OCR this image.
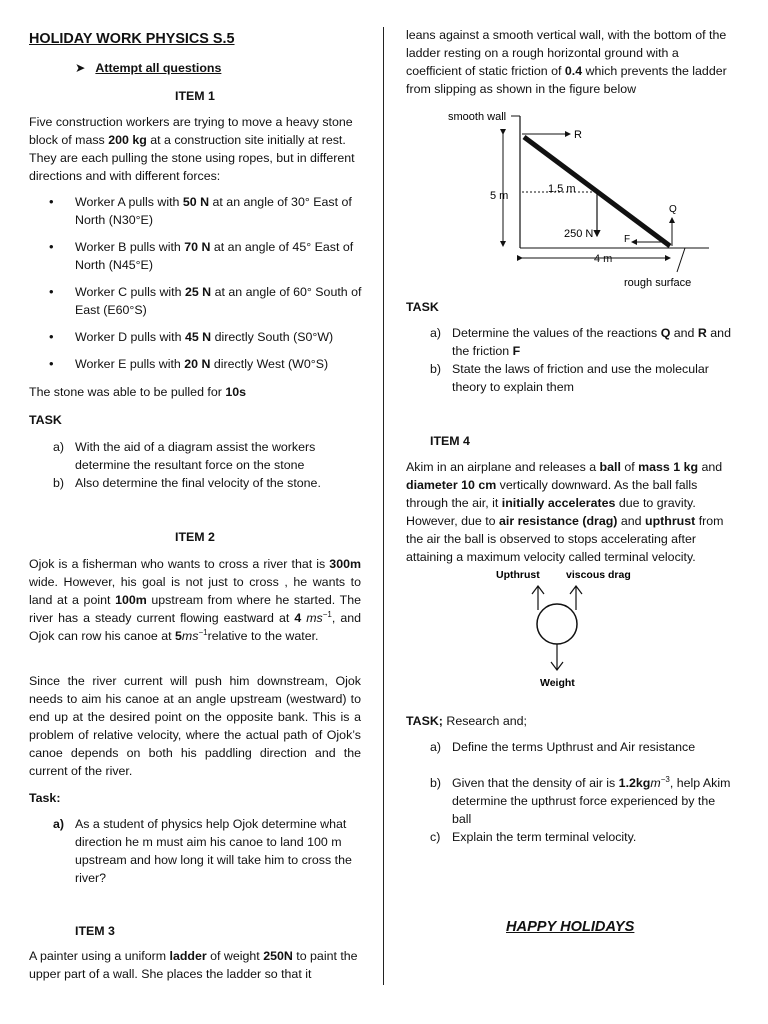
HOLIDAY WORK PHYSICS S.5

➤ Attempt all questions

ITEM 1

Five construction workers are trying to move a heavy stone block of mass 200 kg at a construction site initially at rest. They are each pulling the stone using ropes, but in different directions and with different forces:

• Worker A pulls with 50 N at an angle of 30° East of North (N30°E)
• Worker B pulls with 70 N at an angle of 45° East of North (N45°E)
• Worker C pulls with 25 N at an angle of 60° South of East (E60°S)
• Worker D pulls with 45 N directly South (S0°W)
• Worker E pulls with 20 N directly West (W0°S)

The stone was able to be pulled for 10s

TASK

a) With the aid of a diagram assist the workers determine the resultant force on the stone
b) Also determine the final velocity of the stone.

ITEM 2

Ojok is a fisherman who wants to cross a river that is 300m wide. However, his goal is not just to cross , he wants to land at a point 100m upstream from where he started. The river has a steady current flowing eastward at 4 $ms^{-1}$, and Ojok can row his canoe at $5ms^{-1}relative$ to the water.

Since the river current will push him downstream, Ojok needs to aim his canoe at an angle upstream (westward) to end up at the desired point on the opposite bank. This is a problem of relative velocity, where the actual path of Ojok’s canoe depends on both his paddling direction and the current of the river.

Task:

a) As a student of physics help Ojok determine what direction he m must aim his canoe to land 100 m upstream and how long it will take him to cross the river?

ITEM 3

A painter using a uniform ladder of weight 250N to paint the upper part of a wall. She places the ladder so that it

leans against a smooth vertical wall, with the bottom of the ladder resting on a rough horizontal ground with a coefficient of static friction of 0.4 which prevents the ladder from slipping as shown in the figure below

smooth wall
R
5 m
1.5 m
250 N
Q
F
4 m
rough surface

TASK

a) Determine the values of the reactions Q and R and the friction F
b) State the laws of friction and use the molecular theory to explain them

ITEM 4

Akim in an airplane and releases a ball of mass 1 kg and diameter 10 cm vertically downward. As the ball falls through the air, it initially accelerates due to gravity. However, due to air resistance (drag) and upthrust from the air the ball is observed to stops accelerating after attaining a maximum velocity called terminal velocity.

Upthrust	viscous drag
Weight

TASK; Research and;

a) Define the terms Upthrust and Air resistance
b) Given that the density of air is 1.2kgm$^{-3}$, help Akim determine the upthrust force experienced by the ball
c) Explain the term terminal velocity.

HAPPY HOLIDAYS
